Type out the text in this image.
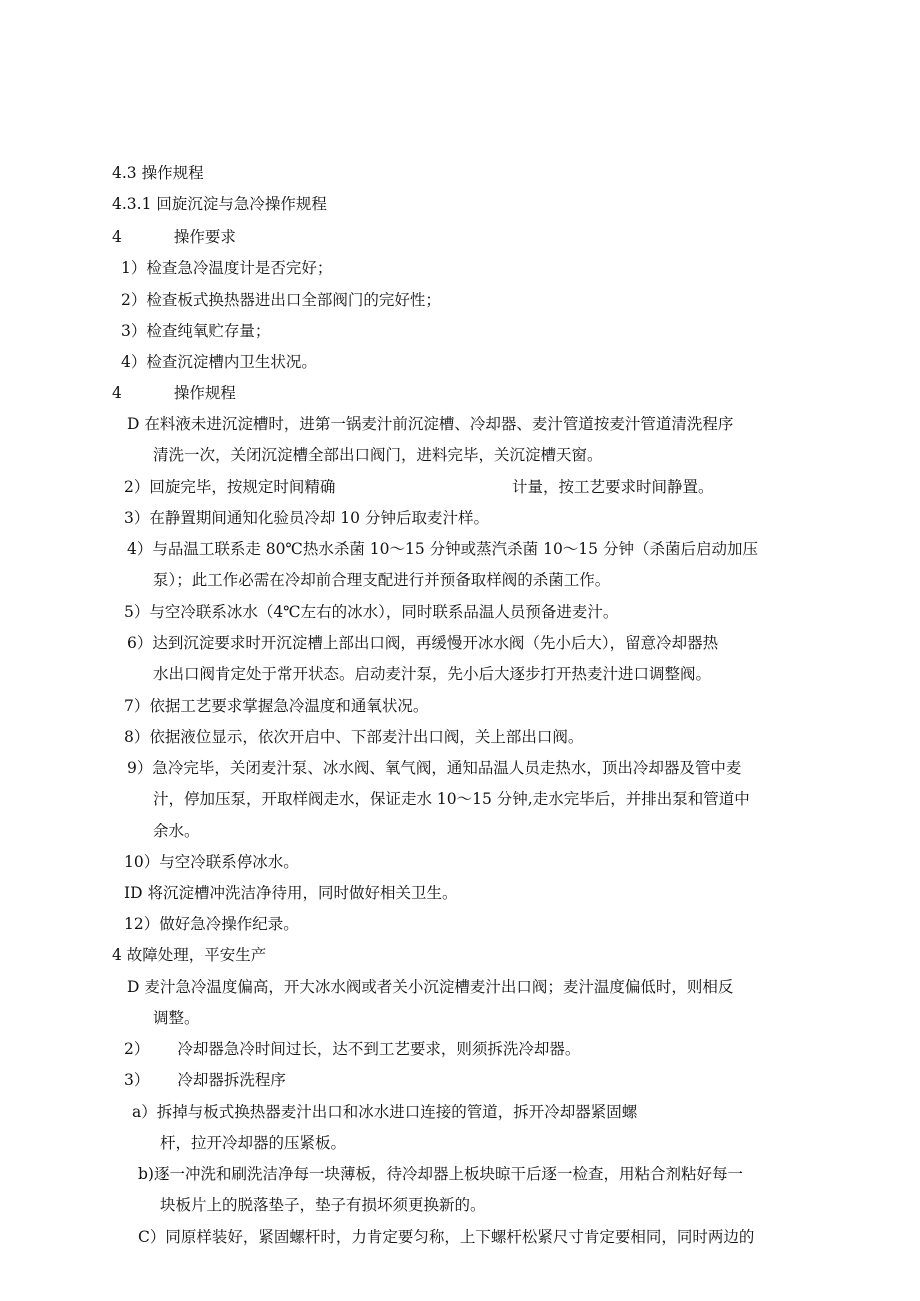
4.3 操作规程
4.3.1 回旋沉淀与急冷操作规程
4	操作要求
1）检查急冷温度计是否完好；
2）检查板式换热器进出口全部阀门的完好性；
3）检查纯氧贮存量；
4）检查沉淀槽内卫生状况。
4	操作规程
D 在料液未进沉淀槽时，进第一锅麦汁前沉淀槽、冷却器、麦汁管道按麦汁管道清洗程序
清洗一次，关闭沉淀槽全部出口阀门，进料完毕，关沉淀槽天窗。
2）回旋完毕，按规定时间精确	计量，按工艺要求时间静置。
3）在静置期间通知化验员冷却 10 分钟后取麦汁样。
4）与品温工联系走 80℃热水杀菌 10～15 分钟或蒸汽杀菌 10～15 分钟（杀菌后启动加压
泵）；此工作必需在冷却前合理支配进行并预备取样阀的杀菌工作。
5）与空冷联系冰水（4℃左右的冰水），同时联系品温人员预备进麦汁。
6）达到沉淀要求时开沉淀槽上部出口阀，再缓慢开冰水阀（先小后大），留意冷却器热
水出口阀肯定处于常开状态。启动麦汁泵，先小后大逐步打开热麦汁进口调整阀。
7）依据工艺要求掌握急冷温度和通氧状况。
8）依据液位显示，依次开启中、下部麦汁出口阀，关上部出口阀。
9）急冷完毕，关闭麦汁泵、冰水阀、氧气阀，通知品温人员走热水，顶出冷却器及管中麦
汁，停加压泵，开取样阀走水，保证走水 10～15 分钟,走水完毕后，并排出泵和管道中
余水。
10）与空冷联系停冰水。
ID 将沉淀槽冲洗洁净待用，同时做好相关卫生。
12）做好急冷操作纪录。
4 故障处理，平安生产
D 麦汁急冷温度偏高，开大冰水阀或者关小沉淀槽麦汁出口阀；麦汁温度偏低时，则相反
调整。
2） 冷却器急冷时间过长，达不到工艺要求，则须拆洗冷却器。
3） 冷却器拆洗程序
a）拆掉与板式换热器麦汁出口和冰水进口连接的管道，拆开冷却器紧固螺
杆，拉开冷却器的压紧板。
b)逐一冲洗和刷洗洁净每一块薄板，待冷却器上板块晾干后逐一检查，用粘合剂粘好每一
块板片上的脱落垫子，垫子有损坏须更换新的。
C）同原样装好，紧固螺杆时，力肯定要匀称，上下螺杆松紧尺寸肯定要相同，同时两边的
